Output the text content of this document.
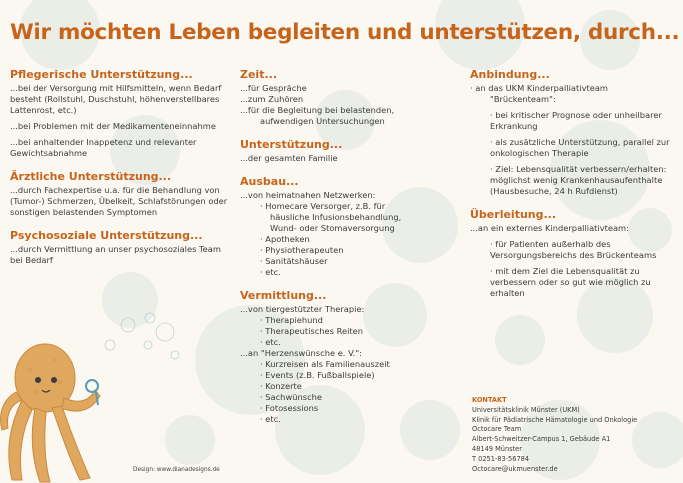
Wir möchten Leben begleiten und unterstützen, durch...
Pflegerische Unterstützung...

...bei der Versorgung mit Hilfsmitteln, wenn Bedarf besteht (Rollstuhl, Duschstuhl, höhenverstellbares Lattenrost, etc.)

...bei Problemen mit der Medikamenteneinnahme

...bei anhaltender Inappetenz und relevanter Gewichtsabnahme

Ärztliche Unterstützung...

...durch Fachexpertise u.a. für die Behandlung von (Tumor-) Schmerzen, Übelkeit, Schlafstörungen oder sonstigen belastenden Symptomen

Psychosoziale Unterstützung...

...durch Vermittlung an unser psychosoziales Team bei Bedarf

Zeit...

...für Gespräche

...zum Zuhören

...für die Begleitung bei belastenden,

aufwendigen Untersuchungen

Unterstützung...

...der gesamten Familie

Ausbau...

...von heimatnahen Netzwerken:

· Homecare Versorger, z.B. für

häusliche Infusionsbehandlung,

Wund- oder Stomaversorgung

· Apotheken

· Physiotherapeuten

· Sanitätshäuser

· etc.

Vermittlung...

...von tiergestützter Therapie:

· Therapiehund

· Therapeutisches Reiten

· etc.

...an "Herzenswünsche e. V.":

· Kurzreisen als Familienauszeit

· Events (z.B. Fußballspiele)

· Konzerte

· Sachwünsche

· Fotosessions

· etc.

Anbindung...

· an das UKM Kinderpalliativteam

"Brückenteam":

· bei kritischer Prognose oder unheilbarer Erkrankung

· als zusätzliche Unterstützung, parallel zur onkologischen Therapie

· Ziel: Lebensqualität verbessern/erhalten: möglichst wenig Krankenhausaufenthalte (Hausbesuche, 24 h Rufdienst)

Überleitung...

...an ein externes Kinderpalliativteam:

· für Patienten außerhalb des Versorgungsbereichs des Brückenteams

· mit dem Ziel die Lebensqualität zu verbessern oder so gut wie möglich zu erhalten

KONTAKT
Universitätsklinik Münster (UKM)
Klinik für Pädiatrische Hämatologie und Onkologie
Octocare Team
Albert-Schweitzer-Campus 1, Gebäude A1
48149 Münster
T 0251-83-56784
Octocare@ukmuenster.de
Design: www.dianadesigns.de
